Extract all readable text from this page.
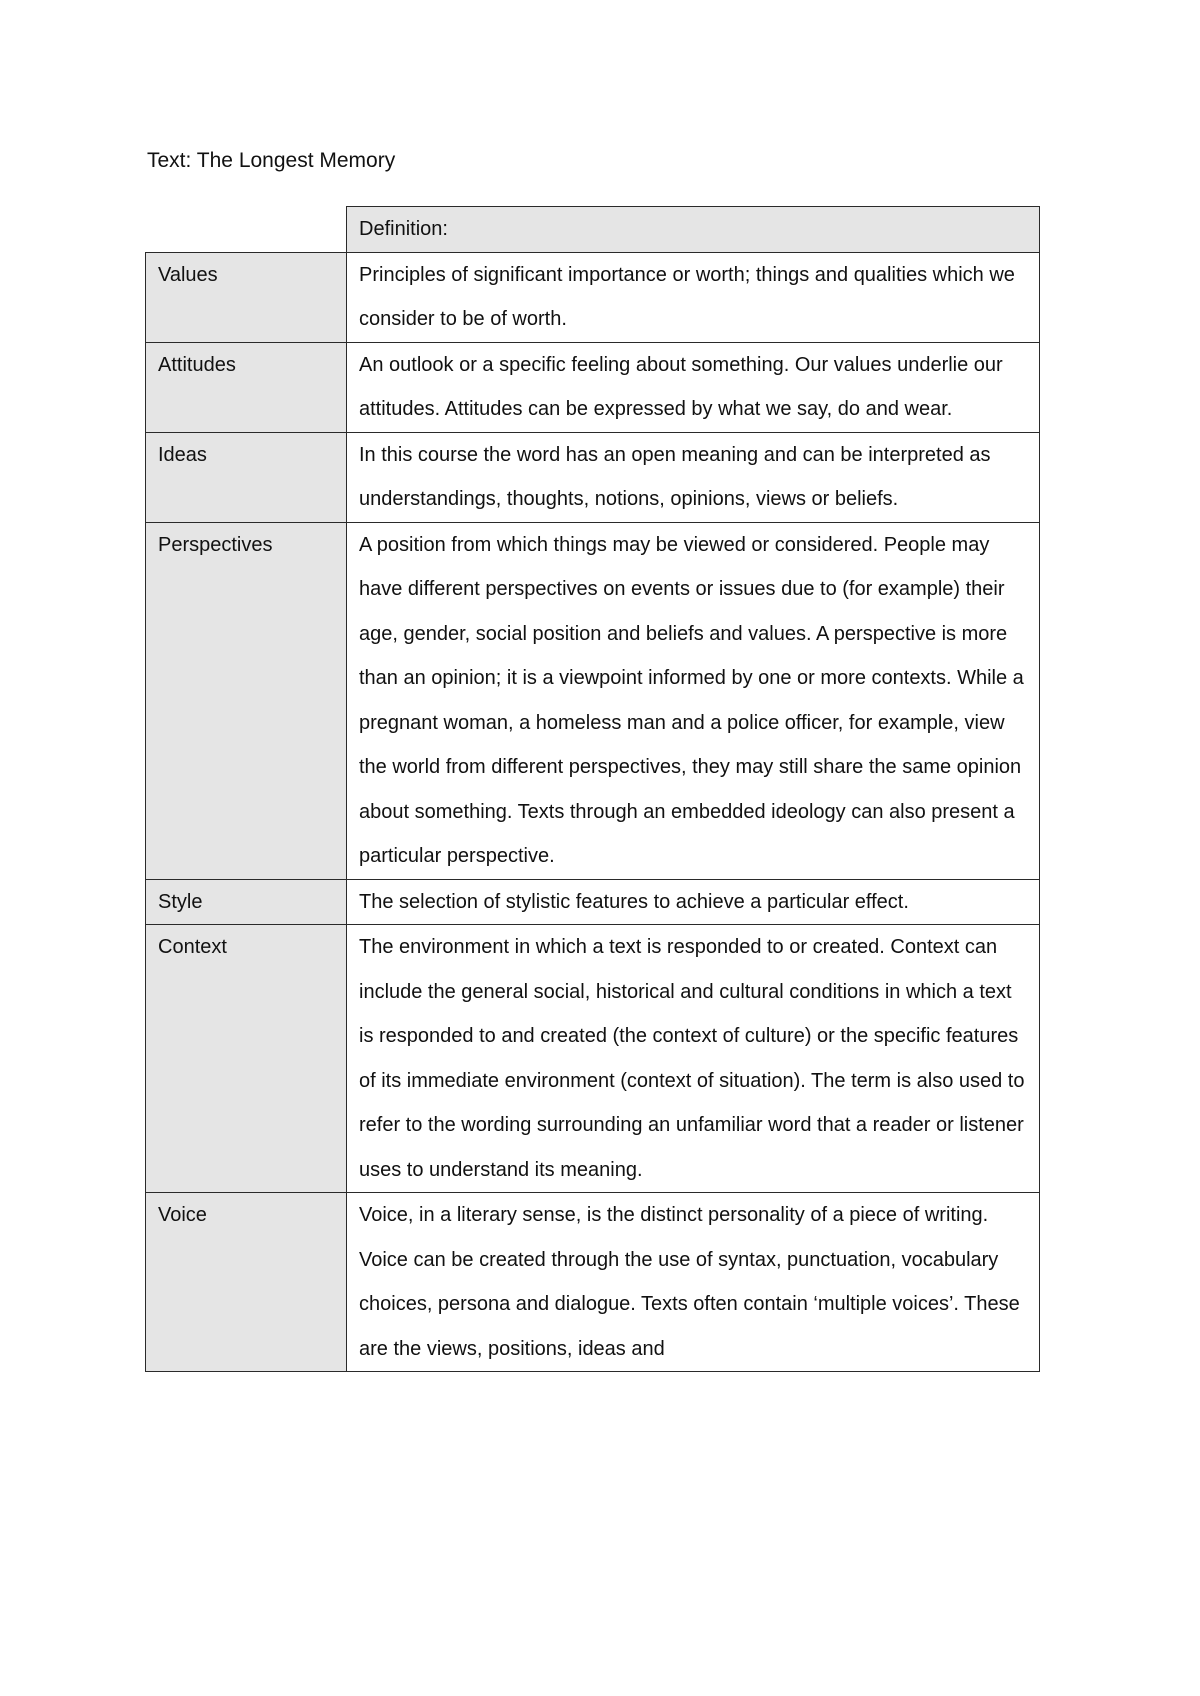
Text: The Longest Memory
	Definition:
Values	Principles of significant importance or worth; things and qualities which we consider to be of worth.
Attitudes	An outlook or a specific feeling about something. Our values underlie our attitudes. Attitudes can be expressed by what we say, do and wear.
Ideas	In this course the word has an open meaning and can be interpreted as understandings, thoughts, notions, opinions, views or beliefs.
Perspectives	A position from which things may be viewed or considered. People may have different perspectives on events or issues due to (for example) their age, gender, social position and beliefs and values. A perspective is more than an opinion; it is a viewpoint informed by one or more contexts. While a pregnant woman, a homeless man and a police officer, for example, view the world from different perspectives, they may still share the same opinion about something. Texts through an embedded ideology can also present a particular perspective.
Style	The selection of stylistic features to achieve a particular effect.
Context	The environment in which a text is responded to or created. Context can include the general social, historical and cultural conditions in which a text is responded to and created (the context of culture) or the specific features of its immediate environment (context of situation). The term is also used to refer to the wording surrounding an unfamiliar word that a reader or listener uses to understand its meaning.
Voice	Voice, in a literary sense, is the distinct personality of a piece of writing. Voice can be created through the use of syntax, punctuation, vocabulary choices, persona and dialogue. Texts often contain ‘multiple voices’. These are the views, positions, ideas and
